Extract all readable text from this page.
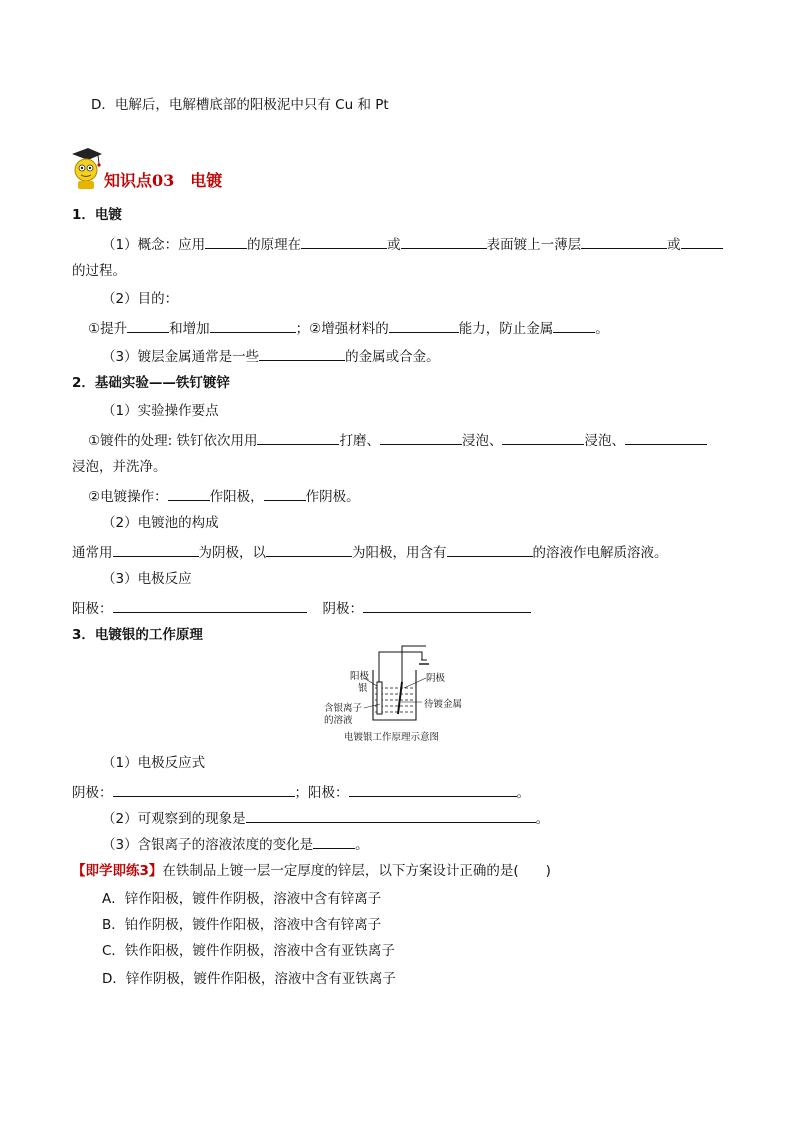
D．电解后，电解槽底部的阳极泥中只有 Cu 和 Pt
知识点03　电镀
1．电镀
（1）概念：应用	的原理在	或	表面镀上一薄层	或
的过程。
（2）目的：
①提升	和增加	；②增强材料的	能力，防止金属	。
（3）镀层金属通常是一些	的金属或合金。
2．基础实验——铁钉镀锌
（1）实验操作要点
①镀件的处理: 铁钉依次用用	打磨、	浸泡、	浸泡、
浸泡，并洗净。
②电镀操作：	作阳极，	作阴极。
（2）电镀池的构成
通常用	为阴极，以	为阳极，用含有	的溶液作电解质溶液。
（3）电极反应
阳极：	阴极：
3．电镀银的工作原理
阳极
银
阴极
含银离子
的溶液
待镀金属
电镀银工作原理示意图
（1）电极反应式
阴极：	；阳极：	。
（2）可观察到的现象是	。
（3）含银离子的溶液浓度的变化是	。
【即学即练3】在铁制品上镀一层一定厚度的锌层，以下方案设计正确的是(　　)
A．锌作阳极，镀件作阴极，溶液中含有锌离子
B．铂作阴极，镀件作阳极，溶液中含有锌离子
C．铁作阳极，镀件作阴极，溶液中含有亚铁离子
D．锌作阴极，镀件作阳极，溶液中含有亚铁离子
